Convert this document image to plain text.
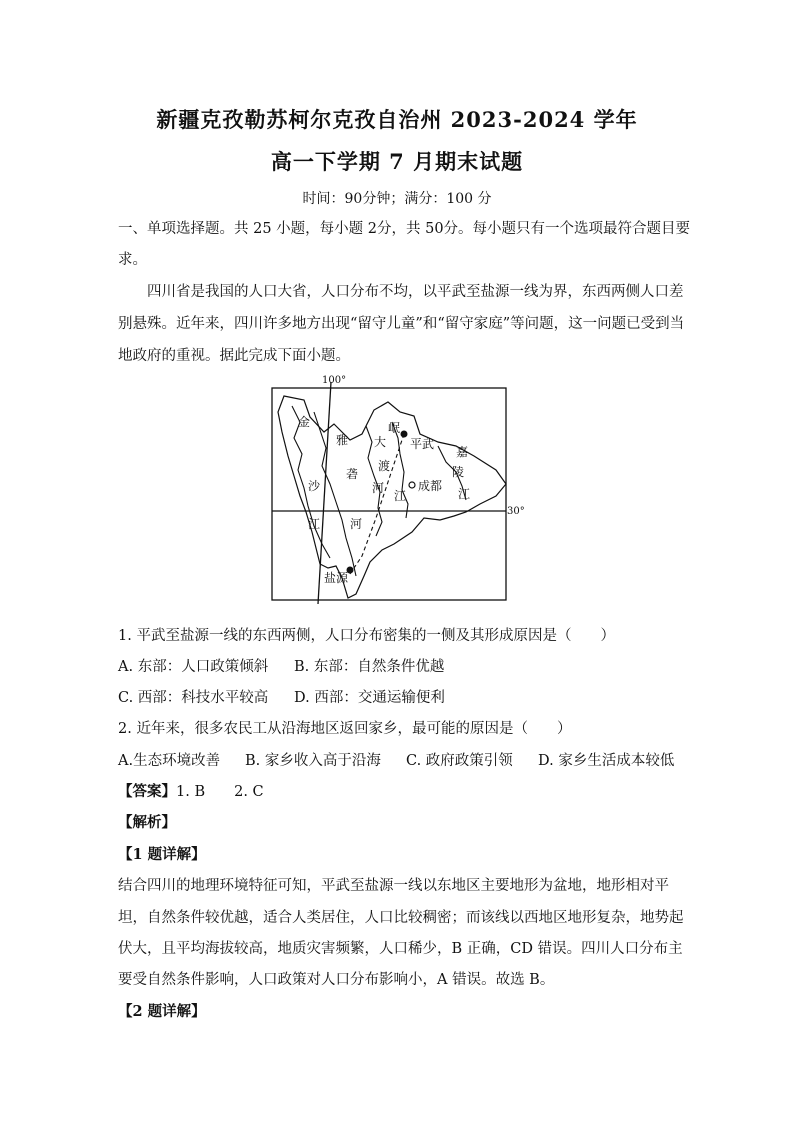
新疆克孜勒苏柯尔克孜自治州 2023-2024 学年
高一下学期 7 月期末试题
时间：90分钟；满分：100 分
一、单项选择题。共 25 小题，每小题 2分，共 50分。每小题只有一个选项最符合题目要
求。
四川省是我国的人口大省，人口分布不均，以平武至盐源一线为界，东西两侧人口差
别悬殊。近年来，四川许多地方出现“留守儿童”和“留守家庭”等问题，这一问题已受到当
地政府的重视。据此完成下面小题。
100°
30°
金
沙
江
雅
砻
河
大
渡
河
岷
江
平武
成都
盐源
嘉
陵
江
1. 平武至盐源一线的东西两侧，人口分布密集的一侧及其形成原因是（　　）
A. 东部：人口政策倾斜 B. 东部：自然条件优越
C. 西部：科技水平较高 D. 西部：交通运输便利
2. 近年来，很多农民工从沿海地区返回家乡，最可能的原因是（　　）
A.生态环境改善 B. 家乡收入高于沿海 C. 政府政策引领 D. 家乡生活成本较低
【答案】1. B　　2. C
【解析】
【1 题详解】
结合四川的地理环境特征可知，平武至盐源一线以东地区主要地形为盆地，地形相对平
坦，自然条件较优越，适合人类居住，人口比较稠密；而该线以西地区地形复杂，地势起
伏大，且平均海拔较高，地质灾害频繁，人口稀少，B 正确，CD 错误。四川人口分布主
要受自然条件影响，人口政策对人口分布影响小，A 错误。故选 B。
【2 题详解】
